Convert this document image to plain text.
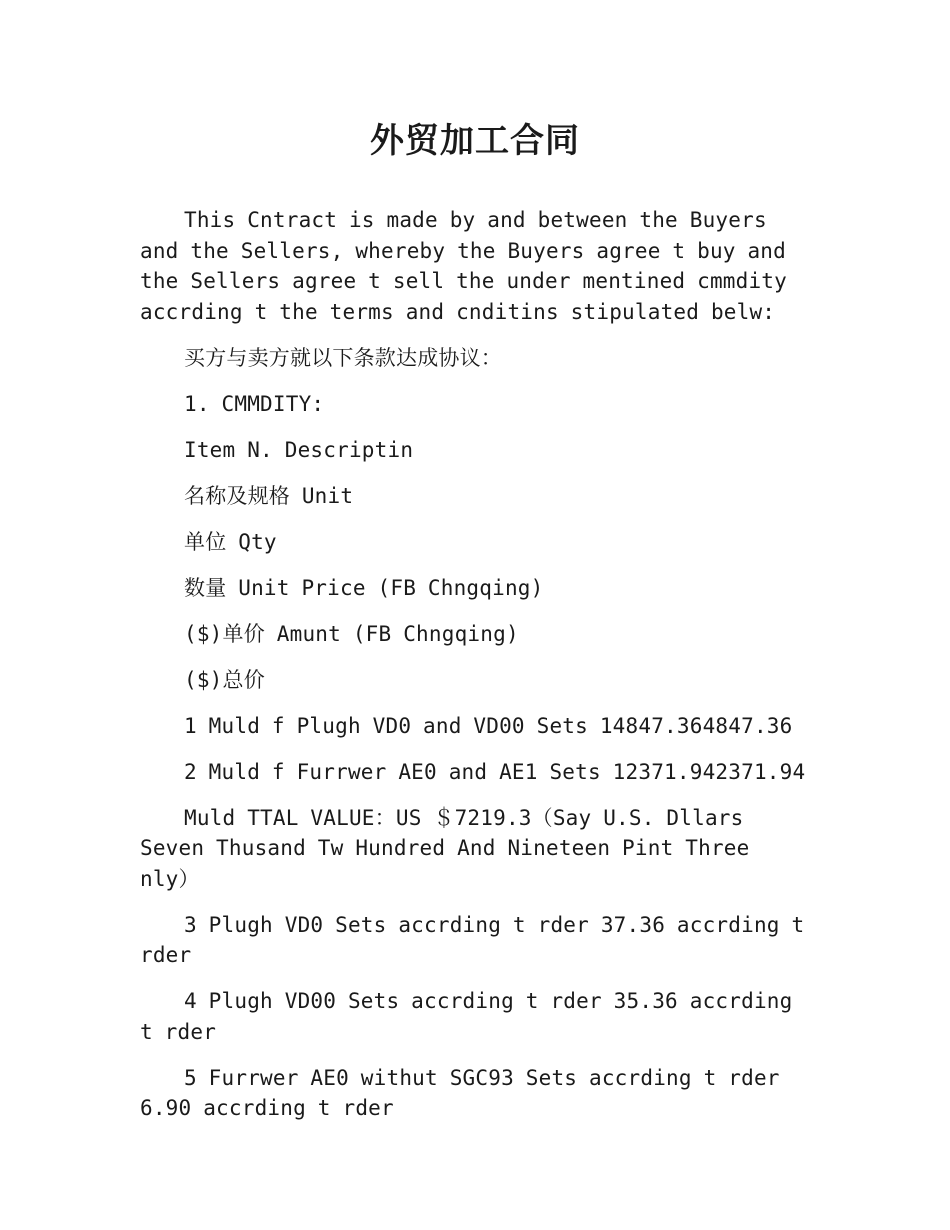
外贸加工合同

This Cntract is made by and between the Buyers and the Sellers, whereby the Buyers agree t buy and the Sellers agree t sell the under mentined cmmdity accrding t the terms and cnditins stipulated belw:

买方与卖方就以下条款达成协议：

1. CMMDITY:

Item N. Descriptin

名称及规格 Unit

单位 Qty

数量 Unit Price (FB Chngqing)

($)单价 Amunt (FB Chngqing)

($)总价

1 Muld f Plugh VD0 and VD00 Sets 14847.364847.36

2 Muld f Furrwer AE0 and AE1 Sets 12371.942371.94

Muld TTAL VALUE：US ＄7219.3（Say U.S. Dllars Seven Thusand Tw Hundred And Nineteen Pint Three nly）

3 Plugh VD0 Sets accrding t rder 37.36 accrding t rder

4 Plugh VD00 Sets accrding t rder 35.36 accrding t rder

5 Furrwer AE0 withut SGC93 Sets accrding t rder 6.90 accrding t rder
